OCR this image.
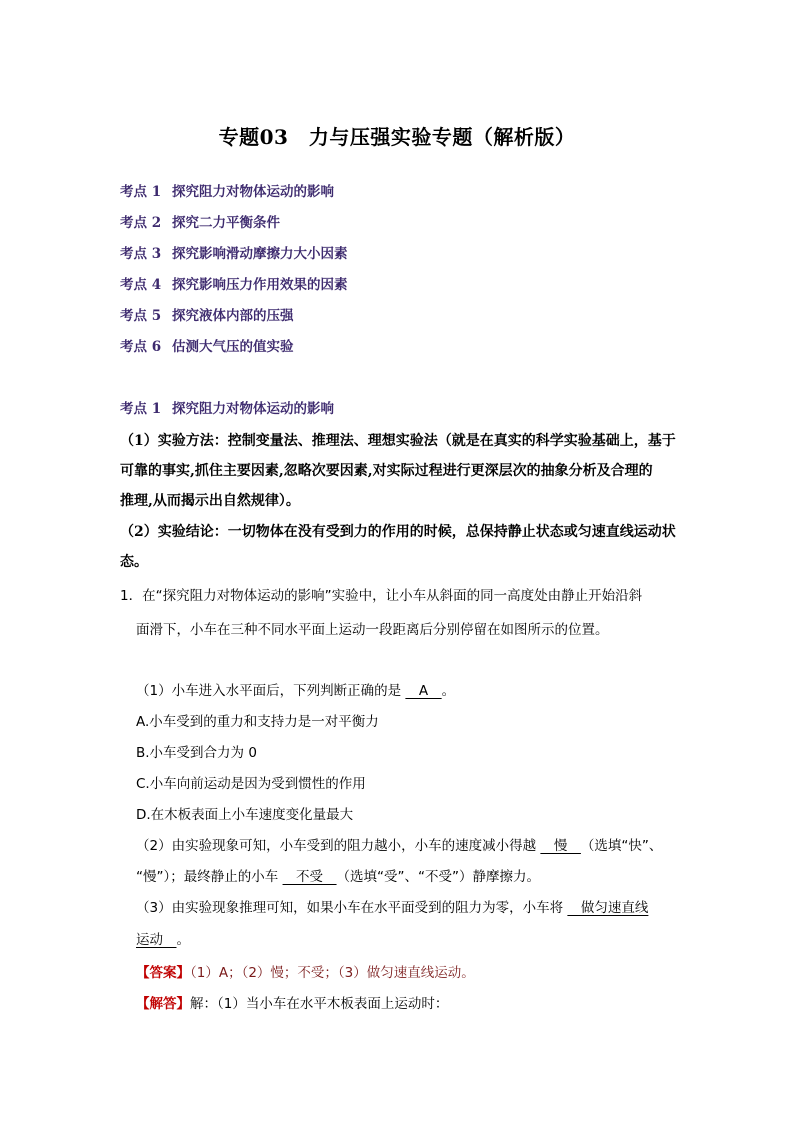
专题03　力与压强实验专题（解析版）
考点 1 探究阻力对物体运动的影响
考点 2 探究二力平衡条件
考点 3 探究影响滑动摩擦力大小因素
考点 4 探究影响压力作用效果的因素
考点 5 探究液体内部的压强
考点 6 估测大气压的值实验
考点 1 探究阻力对物体运动的影响
（1）实验方法：控制变量法、推理法、理想实验法（就是在真实的科学实验基础上，基于
可靠的事实,抓住主要因素,忽略次要因素,对实际过程进行更深层次的抽象分析及合理的
推理,从而揭示出自然规律）。
（2）实验结论：一切物体在没有受到力的作用的时候，总保持静止状态或匀速直线运动状
态。
1．在“探究阻力对物体运动的影响”实验中，让小车从斜面的同一高度处由静止开始沿斜
面滑下，小车在三种不同水平面上运动一段距离后分别停留在如图所示的位置。
（1）小车进入水平面后，下列判断正确的是 　A　。
A.小车受到的重力和支持力是一对平衡力
B.小车受到合力为 0
C.小车向前运动是因为受到惯性的作用
D.在木板表面上小车速度变化量最大
（2）由实验现象可知，小车受到的阻力越小，小车的速度减小得越 　慢　（选填“快”、
“慢”）；最终静止的小车 　不受　（选填“受”、“不受”）静摩擦力。
（3）由实验现象推理可知，如果小车在水平面受到的阻力为零，小车将 　做匀速直线
运动　。
【答案】（1）A；（2）慢；不受；（3）做匀速直线运动。
【解答】解：（1）当小车在水平木板表面上运动时：
